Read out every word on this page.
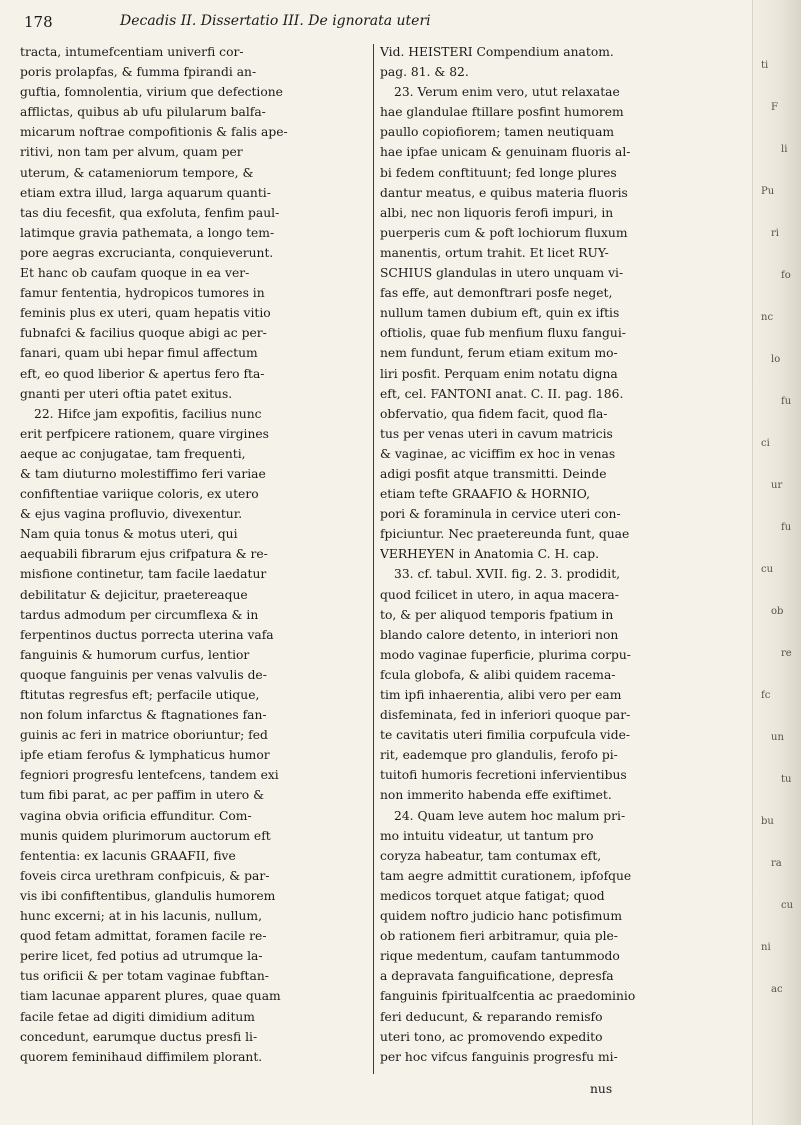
178	Decadis II. Dissertatio III. De ignorata uteri
tracta, intumefcentiam univerfi cor-
poris prolapfas, & fumma fpirandi an-
guftia, fomnolentia, virium que defectione
afflictas, quibus ab ufu pilularum balfa-
micarum noftrae compofitionis & falis ape-
ritivi, non tam per alvum, quam per
uterum, & catameniorum tempore, &
etiam extra illud, larga aquarum quanti-
tas diu fecesfit, qua exfoluta, fenfim paul-
latimque gravia pathemata, a longo tem-
pore aegras excrucianta, conquieverunt.
Et hanc ob caufam quoque in ea ver-
famur fententia, hydropicos tumores in
feminis plus ex uteri, quam hepatis vitio
fubnafci & facilius quoque abigi ac per-
fanari, quam ubi hepar fimul affectum
eft, eo quod liberior & apertus fero fta-
gnanti per uteri oftia patet exitus.
22. Hifce jam expofitis, facilius nunc
erit perfpicere rationem, quare virgines
aeque ac conjugatae, tam frequenti,
& tam diuturno molestiffimo feri variae
confiftentiae variique coloris, ex utero
& ejus vagina profluvio, divexentur.
Nam quia tonus & motus uteri, qui
aequabili fibrarum ejus crifpatura & re-
misfione continetur, tam facile laedatur
debilitatur & dejicitur, praetereaque
tardus admodum per circumflexa & in
ferpentinos ductus porrecta uterina vafa
fanguinis & humorum curfus, lentior
quoque fanguinis per venas valvulis de-
ftitutas regresfus eft; perfacile utique,
non folum infarctus & ftagnationes fan-
guinis ac feri in matrice oboriuntur; fed
ipfe etiam ferofus & lymphaticus humor
fegniori progresfu lentefcens, tandem exi
tum fibi parat, ac per paffim in utero &
vagina obvia orificia effunditur. Com-
munis quidem plurimorum auctorum eft
fententia: ex lacunis GRAAFII, five
foveis circa urethram confpicuis, & par-
vis ibi confiftentibus, glandulis humorem
hunc excerni; at in his lacunis, nullum,
quod fetam admittat, foramen facile re-
perire licet, fed potius ad utrumque la-
tus orificii & per totam vaginae fubftan-
tiam lacunae apparent plures, quae quam
facile fetae ad digiti dimidium aditum
concedunt, earumque ductus presfi li-
quorem feminihaud diffimilem plorant.
Vid. HEISTERI Compendium anatom.
pag. 81. & 82.
23. Verum enim vero, utut relaxatae
hae glandulae ftillare posfint humorem
paullo copiofiorem; tamen neutiquam
hae ipfae unicam & genuinam fluoris al-
bi fedem conftituunt; fed longe plures
dantur meatus, e quibus materia fluoris
albi, nec non liquoris ferofi impuri, in
puerperis cum & poft lochiorum fluxum
manentis, ortum trahit. Et licet RUY-
SCHIUS glandulas in utero unquam vi-
fas effe, aut demonftrari posfe neget,
nullum tamen dubium eft, quin ex iftis
oftiolis, quae fub menfium fluxu fangui-
nem fundunt, ferum etiam exitum mo-
liri posfit. Perquam enim notatu digna
eft, cel. FANTONI anat. C. II. pag. 186.
obfervatio, qua fidem facit, quod fla-
tus per venas uteri in cavum matricis
& vaginae, ac viciffim ex hoc in venas
adigi posfit atque transmitti. Deinde
etiam tefte GRAAFIO & HORNIO,
pori & foraminula in cervice uteri con-
fpiciuntur. Nec praetereunda funt, quae
VERHEYEN in Anatomia C. H. cap.
33. cf. tabul. XVII. fig. 2. 3. prodidit,
quod fcilicet in utero, in aqua macera-
to, & per aliquod temporis fpatium in
blando calore detento, in interiori non
modo vaginae fuperficie, plurima corpu-
fcula globofa, & alibi quidem racema-
tim ipfi inhaerentia, alibi vero per eam
disfeminata, fed in inferiori quoque par-
te cavitatis uteri fimilia corpufcula vide-
rit, eademque pro glandulis, ferofo pi-
tuitofi humoris fecretioni infervientibus
non immerito habenda effe exiftimet.
24. Quam leve autem hoc malum pri-
mo intuitu videatur, ut tantum pro
coryza habeatur, tam contumax eft,
tam aegre admittit curationem, ipfofque
medicos torquet atque fatigat; quod
quidem noftro judicio hanc potisfimum
ob rationem fieri arbitramur, quia ple-
rique medentum, caufam tantummodo
a depravata fanguificatione, depresfa
fanguinis fpiritualfcentia ac praedominio
feri deducunt, & reparando remisfo
uteri tono, ac promovendo expedito
per hoc vifcus fanguinis progresfu mi-
nus
ti
F
li
Pu
ri
fo
nc
lo
fu
ci
ur
fu
cu
ob
re
fc
un
tu
bu
ra
cu
ni
ac
